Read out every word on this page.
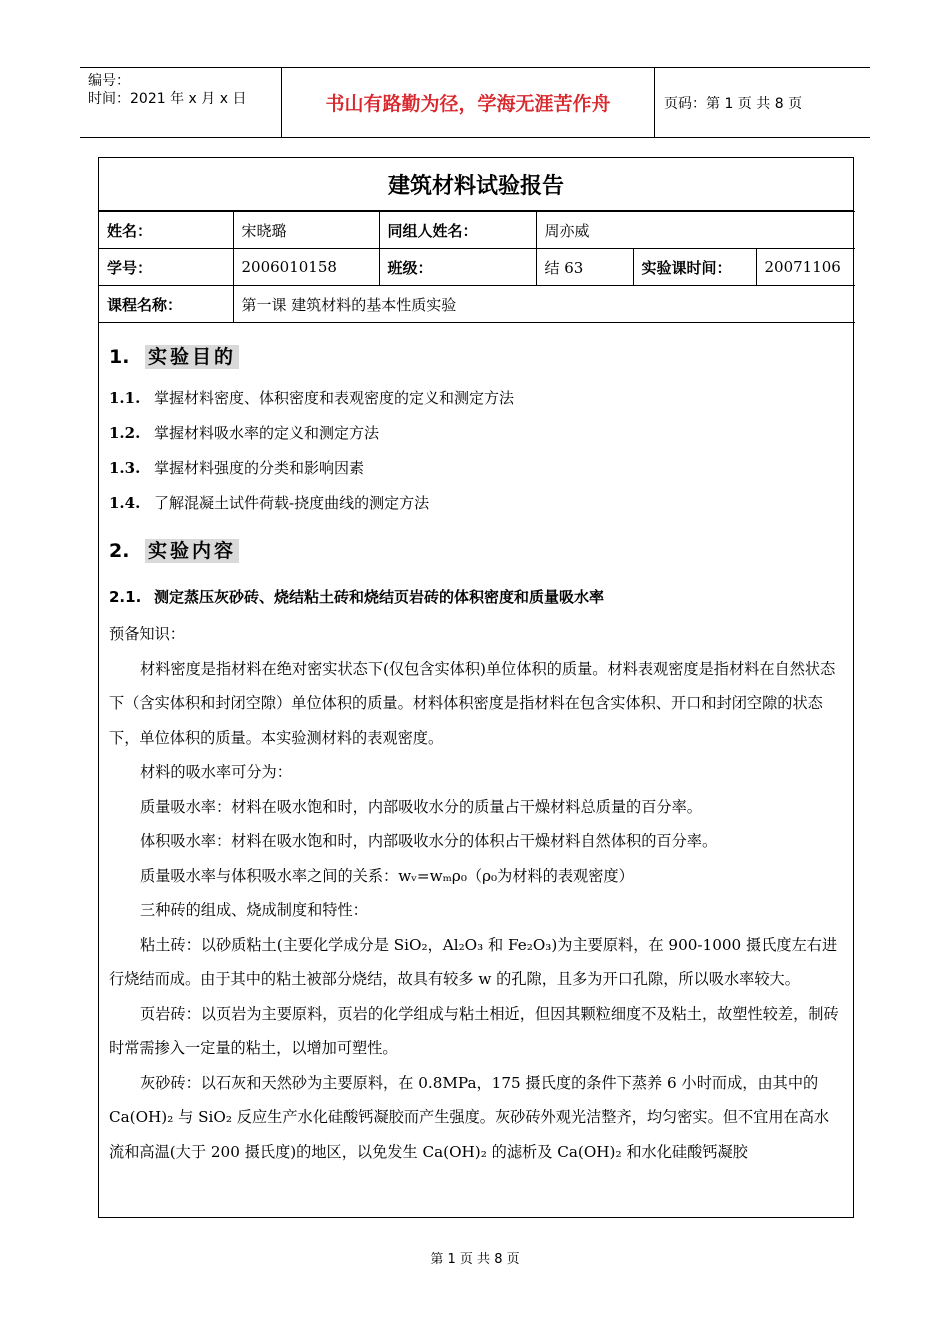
编号：
时间：2021 年 x 月 x 日	书山有路勤为径，学海无涯苦作舟	页码：第 1 页 共 8 页
建筑材料试验报告
姓名：	宋晓璐	同组人姓名：	周亦威		
学号：	2006010158	班级：	结 63	实验课时间：	20071106
课程名称：	第一课 建筑材料的基本性质实验				
1. 实验目的
1.1. 掌握材料密度、体积密度和表观密度的定义和测定方法
1.2. 掌握材料吸水率的定义和测定方法
1.3. 掌握材料强度的分类和影响因素
1.4. 了解混凝土试件荷载-挠度曲线的测定方法
2. 实验内容
2.1. 测定蒸压灰砂砖、烧结粘土砖和烧结页岩砖的体积密度和质量吸水率

预备知识：

材料密度是指材料在绝对密实状态下(仅包含实体积)单位体积的质量。材料表观密度是指材料在自然状态下（含实体积和封闭空隙）单位体积的质量。材料体积密度是指材料在包含实体积、开口和封闭空隙的状态下，单位体积的质量。本实验测材料的表观密度。

材料的吸水率可分为：

质量吸水率：材料在吸水饱和时，内部吸收水分的质量占干燥材料总质量的百分率。

体积吸水率：材料在吸水饱和时，内部吸收水分的体积占干燥材料自然体积的百分率。

质量吸水率与体积吸水率之间的关系：wᵥ=wₘρ₀（ρ₀为材料的表观密度）

三种砖的组成、烧成制度和特性：

粘土砖：以砂质粘土(主要化学成分是 SiO₂，Al₂O₃ 和 Fe₂O₃)为主要原料，在 900-1000 摄氏度左右进行烧结而成。由于其中的粘土被部分烧结，故具有较多 w 的孔隙，且多为开口孔隙，所以吸水率较大。

页岩砖：以页岩为主要原料，页岩的化学组成与粘土相近，但因其颗粒细度不及粘土，故塑性较差，制砖时常需掺入一定量的粘土，以增加可塑性。

灰砂砖：以石灰和天然砂为主要原料，在 0.8MPa，175 摄氏度的条件下蒸养 6 小时而成，由其中的 Ca(OH)₂ 与 SiO₂ 反应生产水化硅酸钙凝胶而产生强度。灰砂砖外观光洁整齐，均匀密实。但不宜用在高水流和高温(大于 200 摄氏度)的地区，以免发生 Ca(OH)₂ 的滤析及 Ca(OH)₂ 和水化硅酸钙凝胶

第 1 页 共 8 页
